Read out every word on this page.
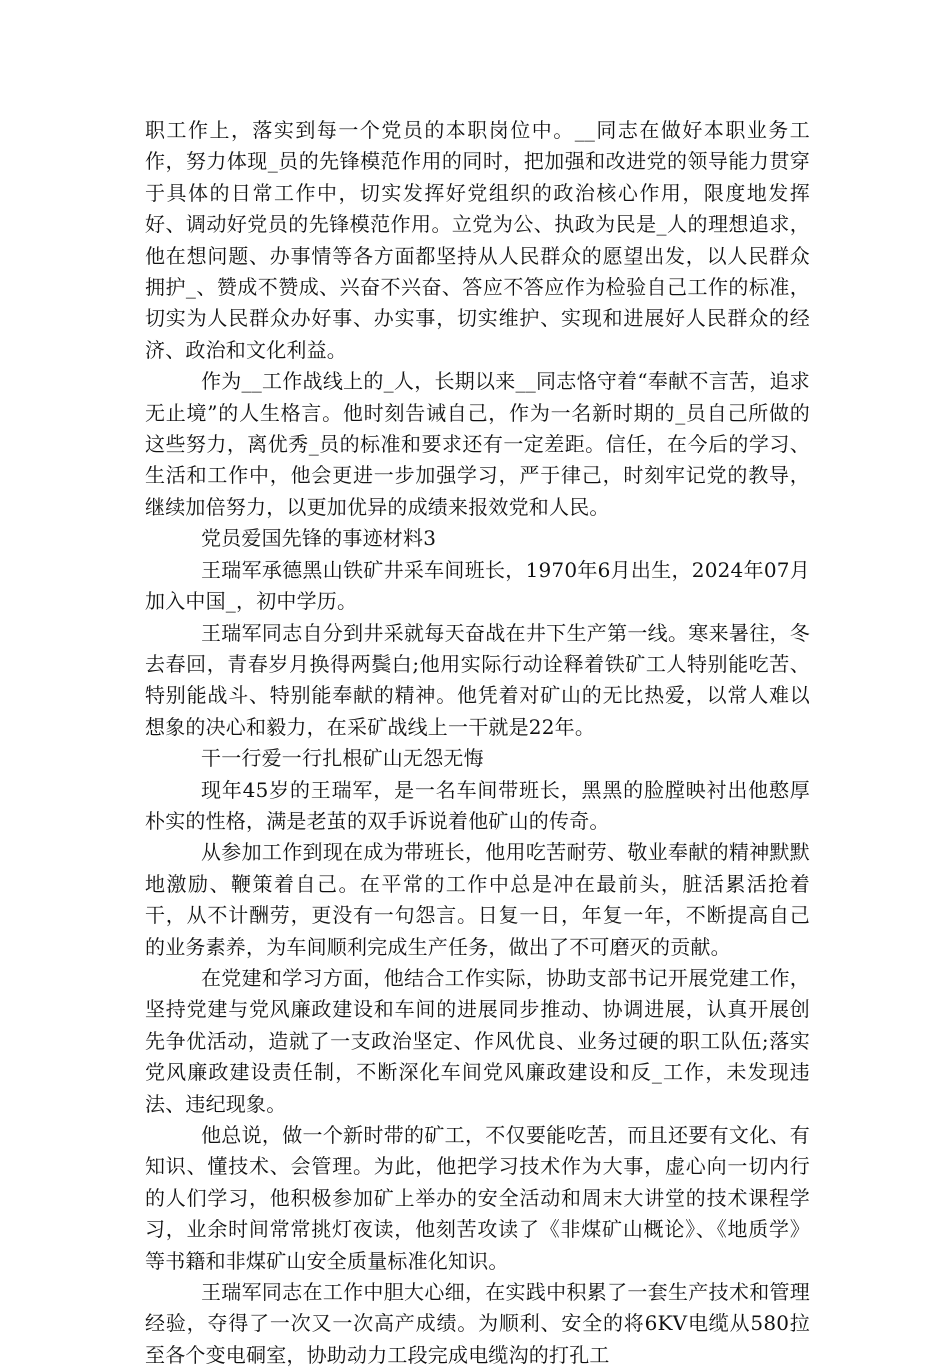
职工作上，落实到每一个党员的本职岗位中。__同志在做好本职业务工作，努力体现_员的先锋模范作用的同时，把加强和改进党的领导能力贯穿于具体的日常工作中，切实发挥好党组织的政治核心作用，限度地发挥好、调动好党员的先锋模范作用。立党为公、执政为民是_人的理想追求，他在想问题、办事情等各方面都坚持从人民群众的愿望出发，以人民群众拥护_、赞成不赞成、兴奋不兴奋、答应不答应作为检验自己工作的标准，切实为人民群众办好事、办实事，切实维护、实现和进展好人民群众的经济、政治和文化利益。

作为__工作战线上的_人，长期以来__同志恪守着“奉献不言苦，追求无止境”的人生格言。他时刻告诫自己，作为一名新时期的_员自己所做的这些努力，离优秀_员的标准和要求还有一定差距。信任，在今后的学习、生活和工作中，他会更进一步加强学习，严于律己，时刻牢记党的教导，继续加倍努力，以更加优异的成绩来报效党和人民。

党员爱国先锋的事迹材料3

王瑞军承德黑山铁矿井采车间班长，1970年6月出生，2024年07月加入中国_，初中学历。

王瑞军同志自分到井采就每天奋战在井下生产第一线。寒来暑往，冬去春回，青春岁月换得两鬓白;他用实际行动诠释着铁矿工人特别能吃苦、特别能战斗、特别能奉献的精神。他凭着对矿山的无比热爱，以常人难以想象的决心和毅力，在采矿战线上一干就是22年。

干一行爱一行扎根矿山无怨无悔

现年45岁的王瑞军，是一名车间带班长，黑黑的脸膛映衬出他憨厚朴实的性格，满是老茧的双手诉说着他矿山的传奇。

从参加工作到现在成为带班长，他用吃苦耐劳、敬业奉献的精神默默地激励、鞭策着自己。在平常的工作中总是冲在最前头，脏活累活抢着干，从不计酬劳，更没有一句怨言。日复一日，年复一年，不断提高自己的业务素养，为车间顺利完成生产任务，做出了不可磨灭的贡献。

在党建和学习方面，他结合工作实际，协助支部书记开展党建工作，坚持党建与党风廉政建设和车间的进展同步推动、协调进展，认真开展创先争优活动，造就了一支政治坚定、作风优良、业务过硬的职工队伍;落实党风廉政建设责任制，不断深化车间党风廉政建设和反_工作，未发现违法、违纪现象。

他总说，做一个新时带的矿工，不仅要能吃苦，而且还要有文化、有知识、懂技术、会管理。为此，他把学习技术作为大事，虚心向一切内行的人们学习，他积极参加矿上举办的安全活动和周末大讲堂的技术课程学习，业余时间常常挑灯夜读，他刻苦攻读了《非煤矿山概论》、《地质学》等书籍和非煤矿山安全质量标准化知识。

王瑞军同志在工作中胆大心细，在实践中积累了一套生产技术和管理经验，夺得了一次又一次高产成绩。为顺利、安全的将6KV电缆从580拉至各个变电硐室，协助动力工段完成电缆沟的打孔工
